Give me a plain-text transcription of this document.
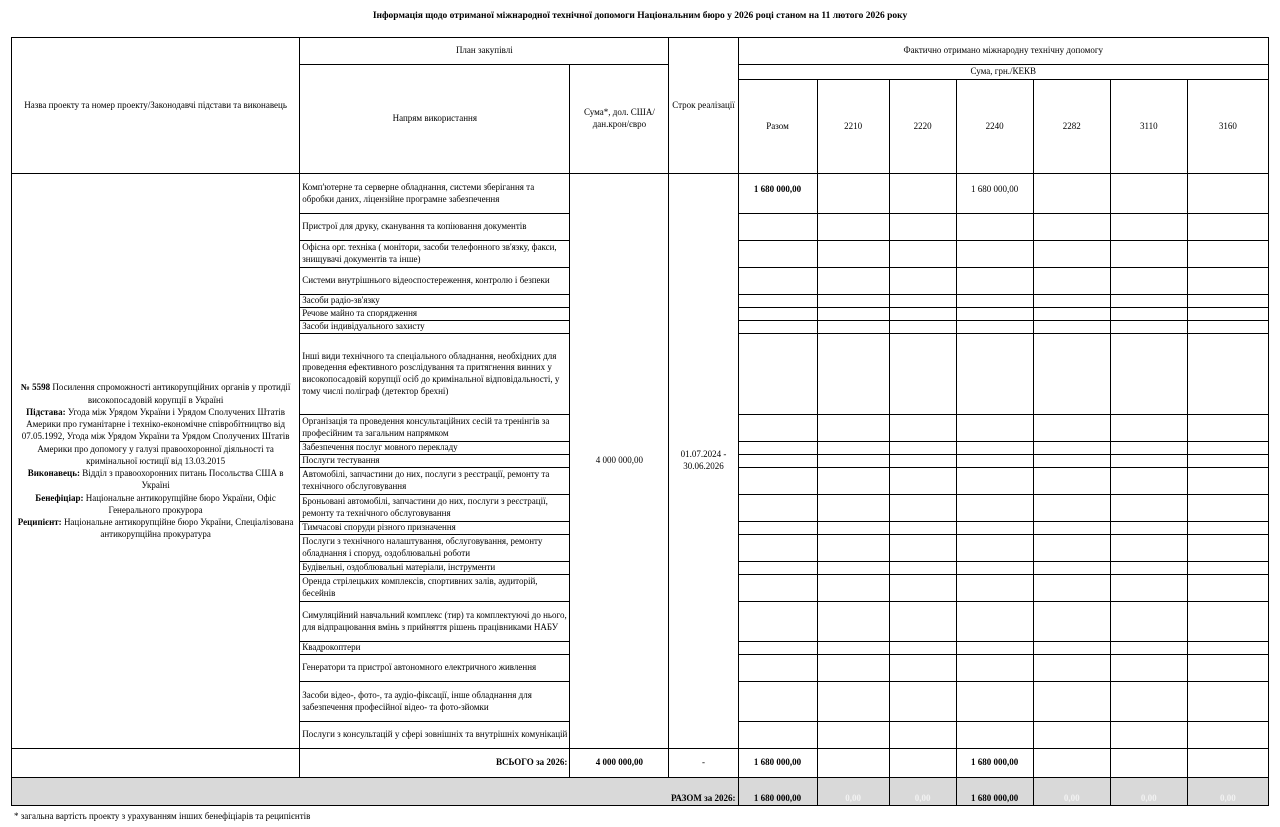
Інформація щодо отриманої міжнародної технічної допомоги Національним бюро у 2026 році станом на 11 лютого 2026 року
Назва проекту та номер проекту/Законодавчі підстави та виконавець	План закупівлі		Строк реалізації	Фактично отримано міжнародну технічну допомогу						
	Напрям використання	Сума*, дол. США/дан.крон/євро		Сума, грн./КЕКВ						
				Разом	2210	2220	2240	2282	3110	3160
№ 5598 Посилення спроможності антикорупційних органів у протидії високопосадовій корупції в Україні
Підстава: Угода між Урядом України і Урядом Сполучених Штатів Америки про гуманітарне і техніко-економічне співробітництво від 07.05.1992, Угода між Урядом України та Урядом Сполучених Штатів Америки про допомогу у галузі правоохоронної діяльності та кримінальної юстиції від 13.03.2015
Виконавець: Відділ з правоохоронних питань Посольства США в Україні
Бенефіціар: Національне антикорупційне бюро України, Офіс Генерального прокурора
Реципієнт: Національне антикорупційне бюро України, Спеціалізована антикорупційна прокуратура	Комп'ютерне та серверне обладнання, системи зберігання та обробки даних, ліцензійне програмне забезпечення	4 000 000,00	01.07.2024 - 30.06.2026	1 680 000,00			1 680 000,00			
	Пристрої для друку, сканування та копіювання документів									
	Офісна орг. техніка ( монітори, засоби телефонного зв'язку, факси, знищувачі документів та інше)									
	Системи внутрішнього відеоспостереження, контролю і безпеки									
	Засоби радіо-зв'язку									
	Речове майно та спорядження									
	Засоби індивідуального захисту									
	Інші види технічного та спеціального обладнання, необхідних для проведення ефективного розслідування та притягнення винних у високопосадовій корупції осіб до кримінальної відповідальності, у тому числі поліграф (детектор брехні)									
	Організація та проведення консультаційних сесій та тренінгів за професійним та загальним напрямком									
	Забезпечення послуг мовного перекладу									
	Послуги тестування									
	Автомобілі, запчастини до них, послуги з реєстрації, ремонту та технічного обслуговування									
	Броньовані автомобілі, запчастини до них, послуги з реєстрації, ремонту та технічного обслуговування									
	Тимчасові споруди різного призначення									
	Послуги з технічного налаштування, обслуговування, ремонту обладнання і споруд, оздоблювальні роботи									
	Будівельні, оздоблювальні матеріали, інструменти									
	Оренда стрілецьких комплексів, спортивних залів, аудиторій, бесейнів									
	Симуляційний навчальний комплекс (тир) та комплектуючі до нього, для відпрацювання вмінь з прийняття рішень працівниками НАБУ									
	Квадрокоптери									
	Генератори та пристрої автономного електричного живлення									
	Засоби відео-, фото-, та аудіо-фіксації, інше обладнання для забезпечення професійної відео- та фото-зйомки									
	Послуги з консультацій у сфері зовнішніх та внутрішніх комунікацій									
	ВСЬОГО за 2026:	4 000 000,00	-	1 680 000,00			1 680 000,00			
РАЗОМ за 2026:				1 680 000,00	0,00	0,00	1 680 000,00	0,00	0,00	0,00
* загальна вартість проекту з урахуванням інших бенефіціарів та реципієнтів
